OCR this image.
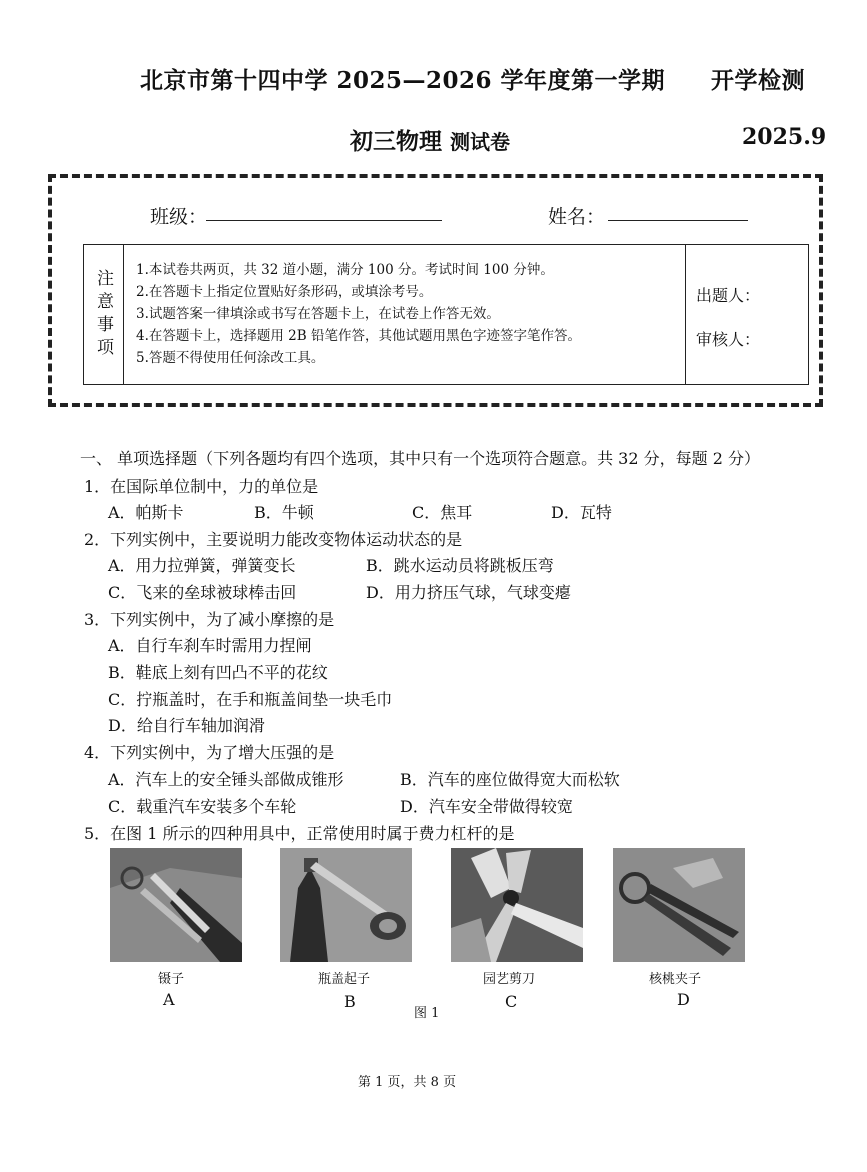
北京市第十四中学 2025—2026 学年度第一学期 开学检测
初三物理 测试卷	2025.9
班级：	姓名：
注意事项 1.本试卷共两页，共 32 道小题，满分 100 分。考试时间 100 分钟。
2.在答题卡上指定位置贴好条形码，或填涂考号。
3.试题答案一律填涂或书写在答题卡上，在试卷上作答无效。
4.在答题卡上，选择题用 2B 铅笔作答，其他试题用黑色字迹签字笔作答。
5.答题不得使用任何涂改工具。
出题人：
审核人：
一、 单项选择题（下列各题均有四个选项，其中只有一个选项符合题意。共 32 分，每题 2 分）
1．在国际单位制中，力的单位是
A．帕斯卡	B．牛顿	C．焦耳	D．瓦特
2．下列实例中，主要说明力能改变物体运动状态的是
A．用力拉弹簧，弹簧变长	B．跳水运动员将跳板压弯
C．飞来的垒球被球棒击回	D．用力挤压气球，气球变瘪
3．下列实例中，为了减小摩擦的是
A．自行车刹车时需用力捏闸
B．鞋底上刻有凹凸不平的花纹
C．拧瓶盖时，在手和瓶盖间垫一块毛巾
D．给自行车轴加润滑
4．下列实例中，为了增大压强的是
A．汽车上的安全锤头部做成锥形	B．汽车的座位做得宽大而松软
C．载重汽车安装多个车轮	D．汽车安全带做得较宽
5．在图 1 所示的四种用具中，正常使用时属于费力杠杆的是
镊子	瓶盖起子	园艺剪刀	核桃夹子
A	B	C	D
图 1
第 1 页，共 8 页
